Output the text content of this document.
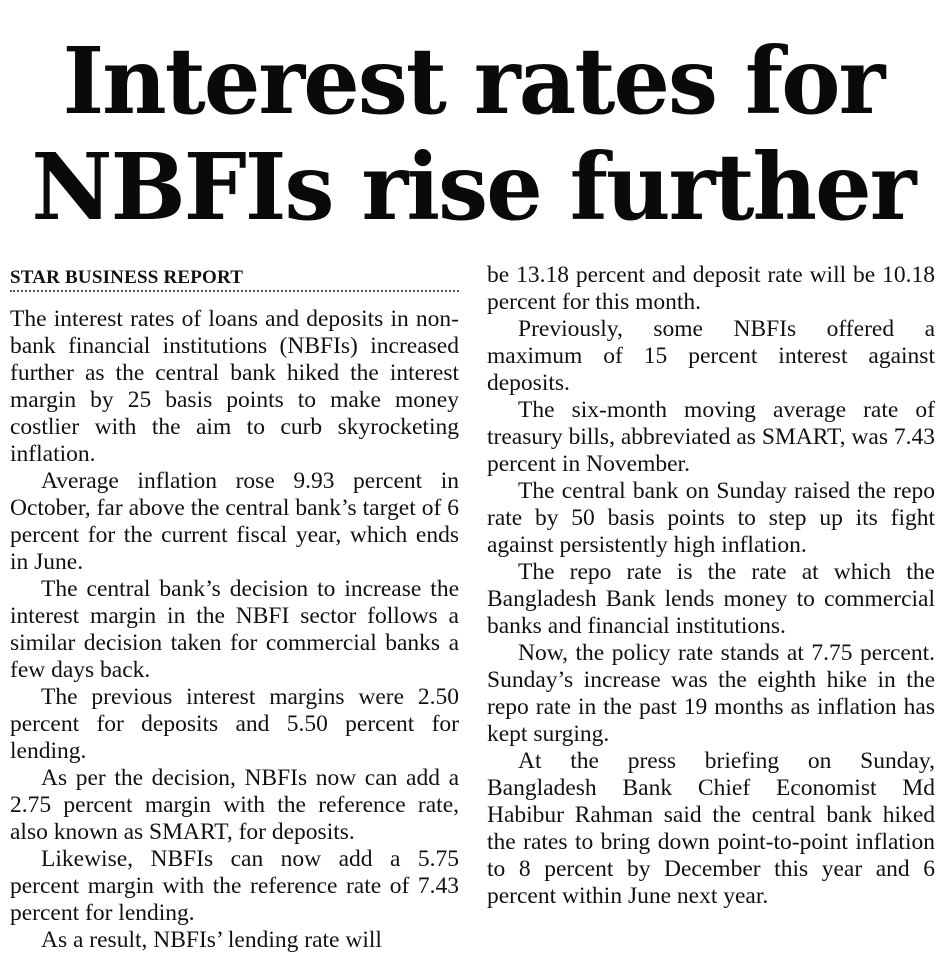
Interest rates for
NBFIs rise further
STAR BUSINESS REPORT

The interest rates of loans and deposits in non-bank financial institutions (NBFIs) increased further as the central bank hiked the interest margin by 25 basis points to make money costlier with the aim to curb skyrocketing inflation.

Average inflation rose 9.93 percent in October, far above the central bank’s target of 6 percent for the current fiscal year, which ends in June.

The central bank’s decision to increase the interest margin in the NBFI sector follows a similar decision taken for commercial banks a few days back.

The previous interest margins were 2.50 percent for deposits and 5.50 percent for lending.

As per the decision, NBFIs now can add a 2.75 percent margin with the reference rate, also known as SMART, for deposits.

Likewise, NBFIs can now add a 5.75 percent margin with the reference rate of 7.43 percent for lending.

As a result, NBFIs’ lending rate will

be 13.18 percent and deposit rate will be 10.18 percent for this month.

Previously, some NBFIs offered a maximum of 15 percent interest against deposits.

The six-month moving average rate of treasury bills, abbreviated as SMART, was 7.43 percent in November.

The central bank on Sunday raised the repo rate by 50 basis points to step up its fight against persistently high inflation.

The repo rate is the rate at which the Bangladesh Bank lends money to commercial banks and financial institutions.

Now, the policy rate stands at 7.75 percent. Sunday’s increase was the eighth hike in the repo rate in the past 19 months as inflation has kept surging.

At the press briefing on Sunday, Bangladesh Bank Chief Economist Md Habibur Rahman said the central bank hiked the rates to bring down point-to-point inflation to 8 percent by December this year and 6 percent within June next year.
